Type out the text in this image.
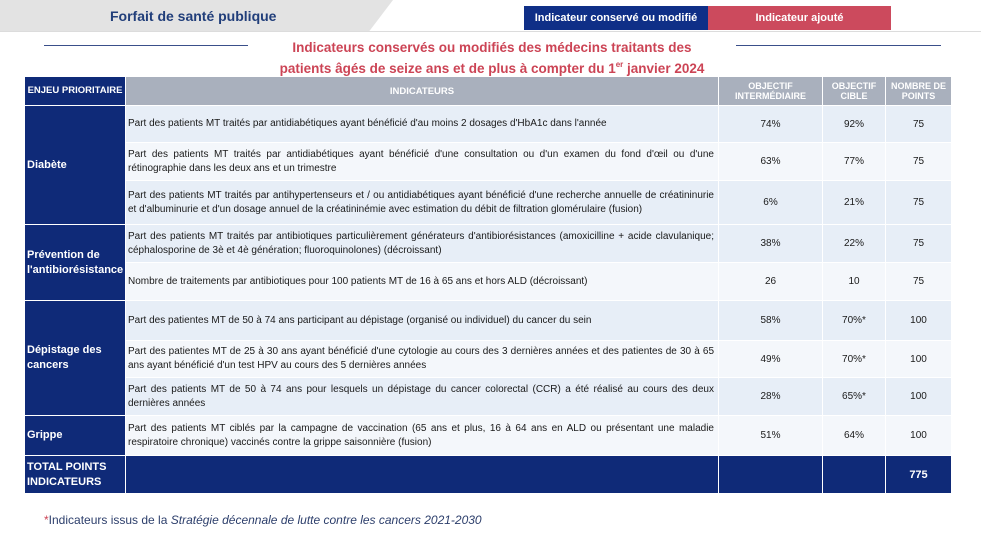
Forfait de santé publique	Indicateur conservé ou modifié	Indicateur ajouté
Indicateurs conservés ou modifiés des médecins traitants des
patients âgés de seize ans et de plus à compter du 1er janvier 2024
ENJEU PRIORITAIRE	INDICATEURS	OBJECTIF INTERMÉDIAIRE	OBJECTIF CIBLE	NOMBRE DE POINTS
Diabète	Part des patients MT traités par antidiabétiques ayant bénéficié d'au moins 2 dosages d'HbA1c dans l'année	74%	92%	75
	Part des patients MT traités par antidiabétiques ayant bénéficié d'une consultation ou d'un examen du fond d'œil ou d'une rétinographie dans les deux ans et un trimestre	63%	77%	75
	Part des patients MT traités par antihypertenseurs et / ou antidiabétiques ayant bénéficié d'une recherche annuelle de créatininurie et d'albuminurie et d'un dosage annuel de la créatininémie avec estimation du débit de filtration glomérulaire (fusion)	6%	21%	75
Prévention de l'antibiorésistance	Part des patients MT traités par antibiotiques particulièrement générateurs d'antibiorésistances (amoxicilline + acide clavulanique; céphalosporine de 3è et 4è génération; fluoroquinolones) (décroissant)	38%	22%	75
	Nombre de traitements par antibiotiques pour 100 patients MT de 16 à 65 ans et hors ALD (décroissant)	26	10	75
Dépistage des cancers	Part des patientes MT de 50 à 74 ans participant au dépistage (organisé ou individuel) du cancer du sein	58%	70%*	100
	Part des patientes MT de 25 à 30 ans ayant bénéficié d'une cytologie au cours des 3 dernières années et des patientes de 30 à 65 ans ayant bénéficié d'un test HPV au cours des 5 dernières années	49%	70%*	100
	Part des patients MT de 50 à 74 ans pour lesquels un dépistage du cancer colorectal (CCR) a été réalisé au cours des deux dernières années	28%	65%*	100
Grippe	Part des patients MT ciblés par la campagne de vaccination (65 ans et plus, 16 à 64 ans en ALD ou présentant une maladie respiratoire chronique) vaccinés contre la grippe saisonnière (fusion)	51%	64%	100
TOTAL POINTS INDICATEURS				775
*Indicateurs issus de la Stratégie décennale de lutte contre les cancers 2021-2030
